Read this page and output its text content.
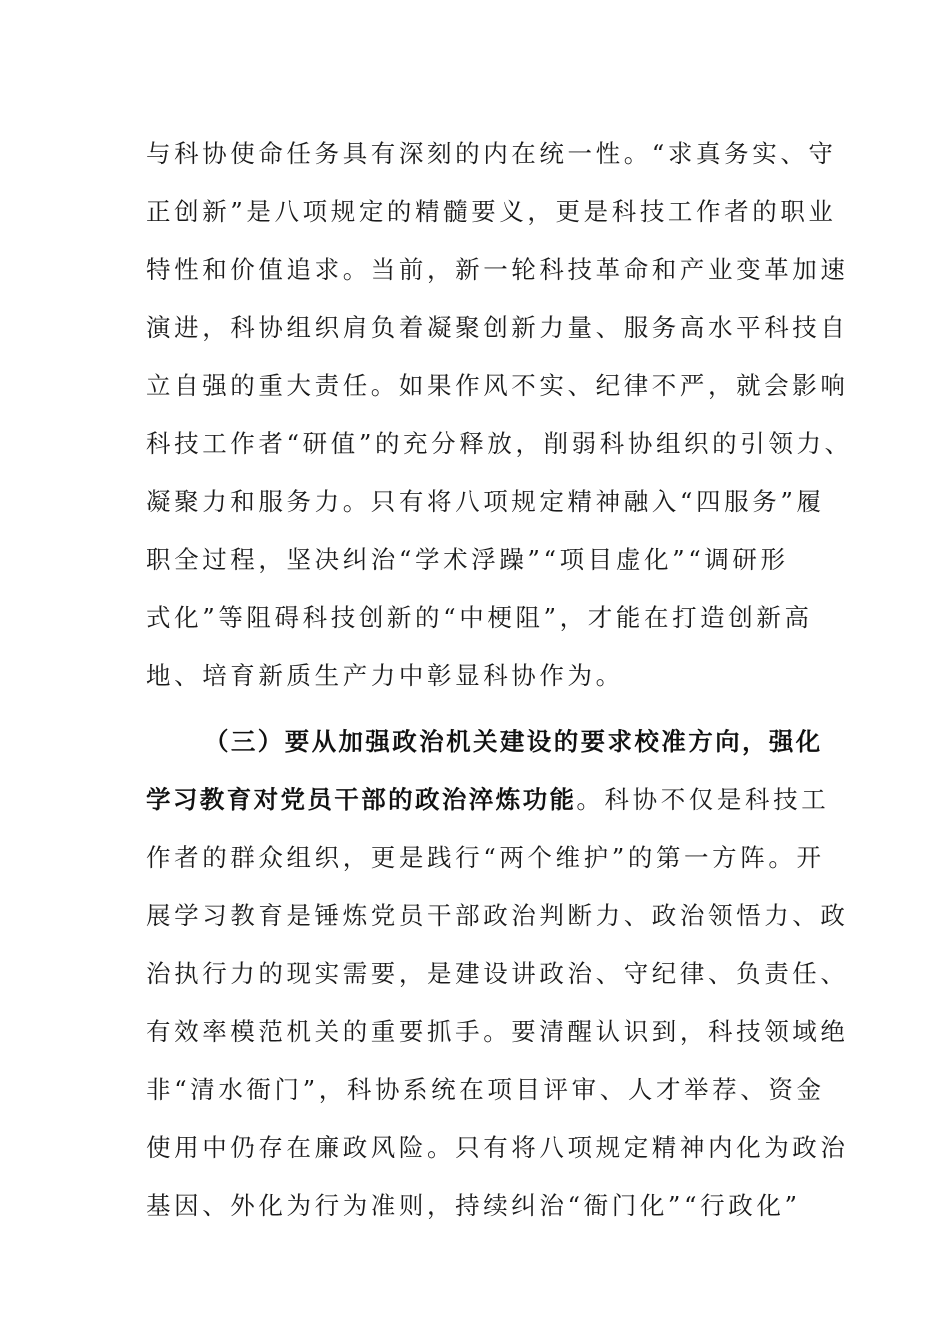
与科协使命任务具有深刻的内在统一性。“求真务实、守
正创新”是八项规定的精髓要义，更是科技工作者的职业
特性和价值追求。当前，新一轮科技革命和产业变革加速
演进，科协组织肩负着凝聚创新力量、服务高水平科技自
立自强的重大责任。如果作风不实、纪律不严，就会影响
科技工作者“研值”的充分释放，削弱科协组织的引领力、
凝聚力和服务力。只有将八项规定精神融入“四服务”履
职全过程，坚决纠治“学术浮躁”“项目虚化”“调研形
式化”等阻碍科技创新的“中梗阻”，才能在打造创新高
地、培育新质生产力中彰显科协作为。
（三）要从加强政治机关建设的要求校准方向，强化
学习教育对党员干部的政治淬炼功能。科协不仅是科技工
作者的群众组织，更是践行“两个维护”的第一方阵。开
展学习教育是锤炼党员干部政治判断力、政治领悟力、政
治执行力的现实需要，是建设讲政治、守纪律、负责任、
有效率模范机关的重要抓手。要清醒认识到，科技领域绝
非“清水衙门”，科协系统在项目评审、人才举荐、资金
使用中仍存在廉政风险。只有将八项规定精神内化为政治
基因、外化为行为准则，持续纠治“衙门化”“行政化”
